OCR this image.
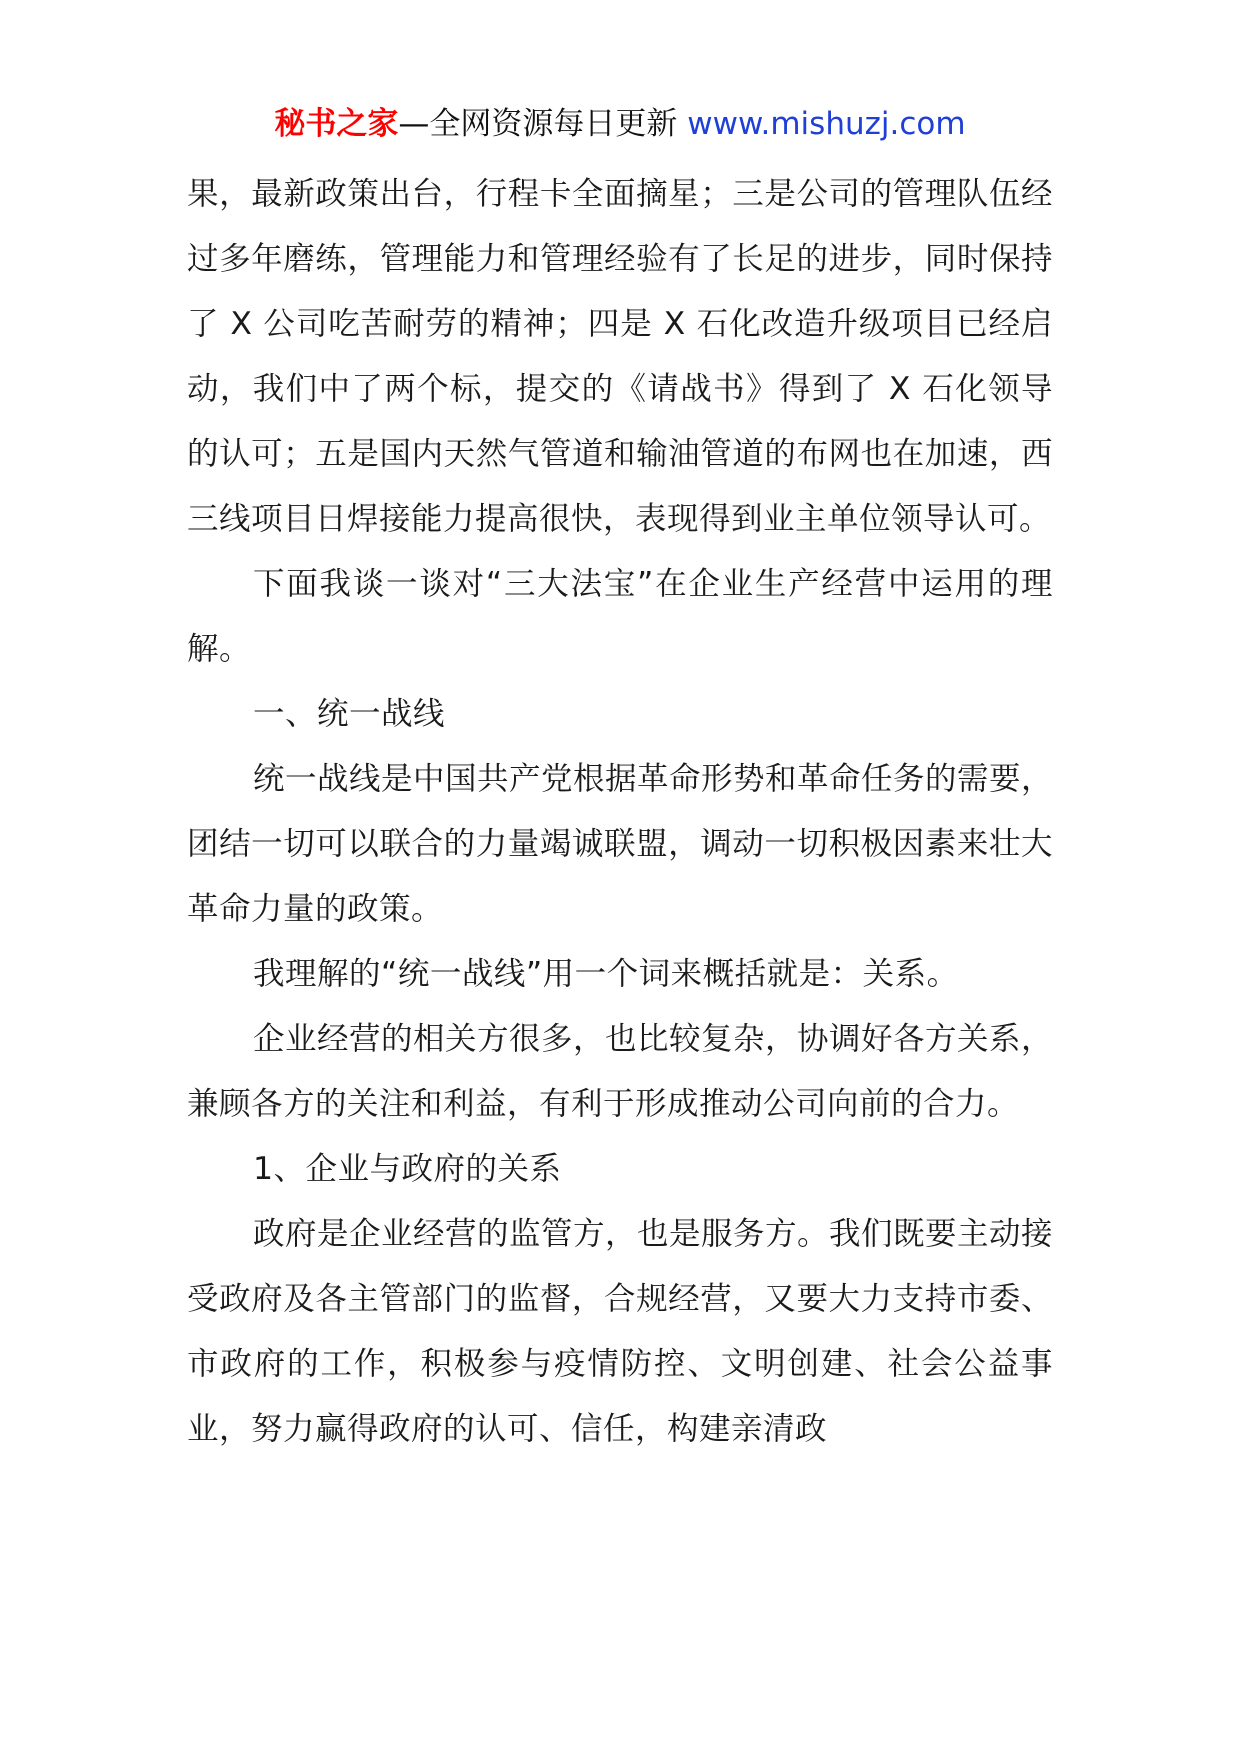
秘书之家—全网资源每日更新 www.mishuzj.com

果，最新政策出台，行程卡全面摘星；三是公司的管理队伍经过多年磨练，管理能力和管理经验有了长足的进步，同时保持了 X 公司吃苦耐劳的精神；四是 X 石化改造升级项目已经启动，我们中了两个标，提交的《请战书》得到了 X 石化领导的认可；五是国内天然气管道和输油管道的布网也在加速，西三线项目日焊接能力提高很快，表现得到业主单位领导认可。

下面我谈一谈对“三大法宝”在企业生产经营中运用的理解。

一、统一战线

统一战线是中国共产党根据革命形势和革命任务的需要，团结一切可以联合的力量竭诚联盟，调动一切积极因素来壮大革命力量的政策。

我理解的“统一战线”用一个词来概括就是：关系。

企业经营的相关方很多，也比较复杂，协调好各方关系，兼顾各方的关注和利益，有利于形成推动公司向前的合力。

1、企业与政府的关系

政府是企业经营的监管方，也是服务方。我们既要主动接受政府及各主管部门的监督，合规经营，又要大力支持市委、市政府的工作，积极参与疫情防控、文明创建、社会公益事业，努力赢得政府的认可、信任，构建亲清政
